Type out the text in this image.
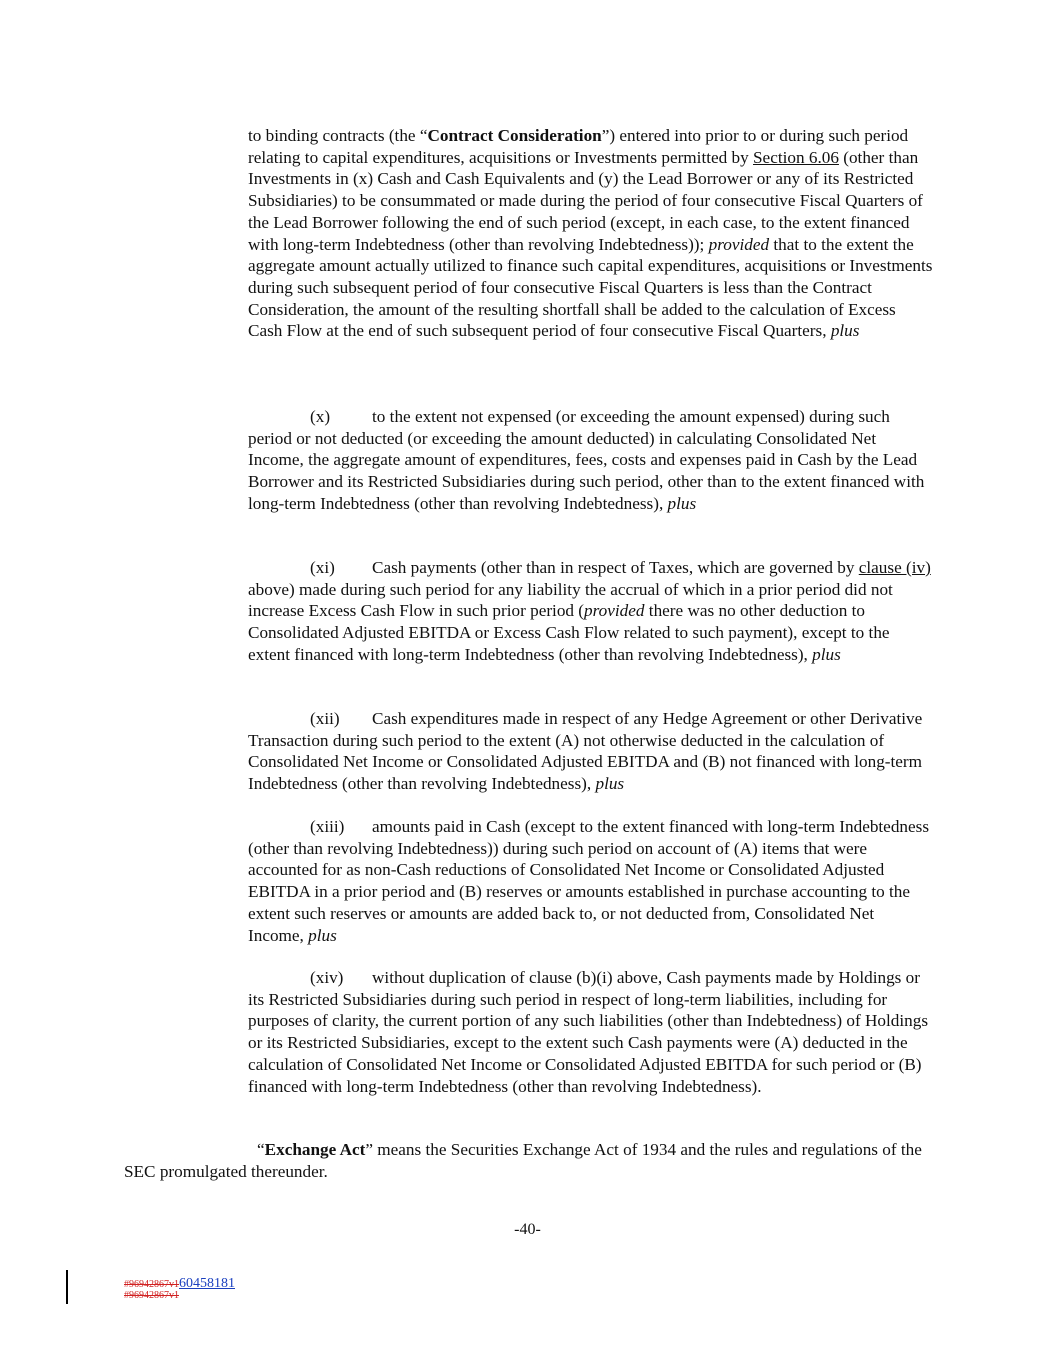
to binding contracts (the “Contract Consideration”) entered into prior to or during such period relating to capital expenditures, acquisitions or Investments permitted by Section 6.06 (other than Investments in (x) Cash and Cash Equivalents and (y) the Lead Borrower or any of its Restricted Subsidiaries) to be consummated or made during the period of four consecutive Fiscal Quarters of the Lead Borrower following the end of such period (except, in each case, to the extent financed with long-term Indebtedness (other than revolving Indebtedness)); provided that to the extent the aggregate amount actually utilized to finance such capital expenditures, acquisitions or Investments during such subsequent period of four consecutive Fiscal Quarters is less than the Contract Consideration, the amount of the resulting shortfall shall be added to the calculation of Excess Cash Flow at the end of such subsequent period of four consecutive Fiscal Quarters, plus

(x) to the extent not expensed (or exceeding the amount expensed) during such period or not deducted (or exceeding the amount deducted) in calculating Consolidated Net Income, the aggregate amount of expenditures, fees, costs and expenses paid in Cash by the Lead Borrower and its Restricted Subsidiaries during such period, other than to the extent financed with long-term Indebtedness (other than revolving Indebtedness), plus

(xi) Cash payments (other than in respect of Taxes, which are governed by clause (iv) above) made during such period for any liability the accrual of which in a prior period did not increase Excess Cash Flow in such prior period (provided there was no other deduction to Consolidated Adjusted EBITDA or Excess Cash Flow related to such payment), except to the extent financed with long-term Indebtedness (other than revolving Indebtedness), plus

(xii) Cash expenditures made in respect of any Hedge Agreement or other Derivative Transaction during such period to the extent (A) not otherwise deducted in the calculation of Consolidated Net Income or Consolidated Adjusted EBITDA and (B) not financed with long-term Indebtedness (other than revolving Indebtedness), plus

(xiii) amounts paid in Cash (except to the extent financed with long-term Indebtedness (other than revolving Indebtedness)) during such period on account of (A) items that were accounted for as non-Cash reductions of Consolidated Net Income or Consolidated Adjusted EBITDA in a prior period and (B) reserves or amounts established in purchase accounting to the extent such reserves or amounts are added back to, or not deducted from, Consolidated Net Income, plus

(xiv) without duplication of clause (b)(i) above, Cash payments made by Holdings or its Restricted Subsidiaries during such period in respect of long-term liabilities, including for purposes of clarity, the current portion of any such liabilities (other than Indebtedness) of Holdings or its Restricted Subsidiaries, except to the extent such Cash payments were (A) deducted in the calculation of Consolidated Net Income or Consolidated Adjusted EBITDA for such period or (B) financed with long-term Indebtedness (other than revolving Indebtedness).

“Exchange Act” means the Securities Exchange Act of 1934 and the rules and regulations of the SEC promulgated thereunder.

-40-
#96942867v160458181
#96942867v1
